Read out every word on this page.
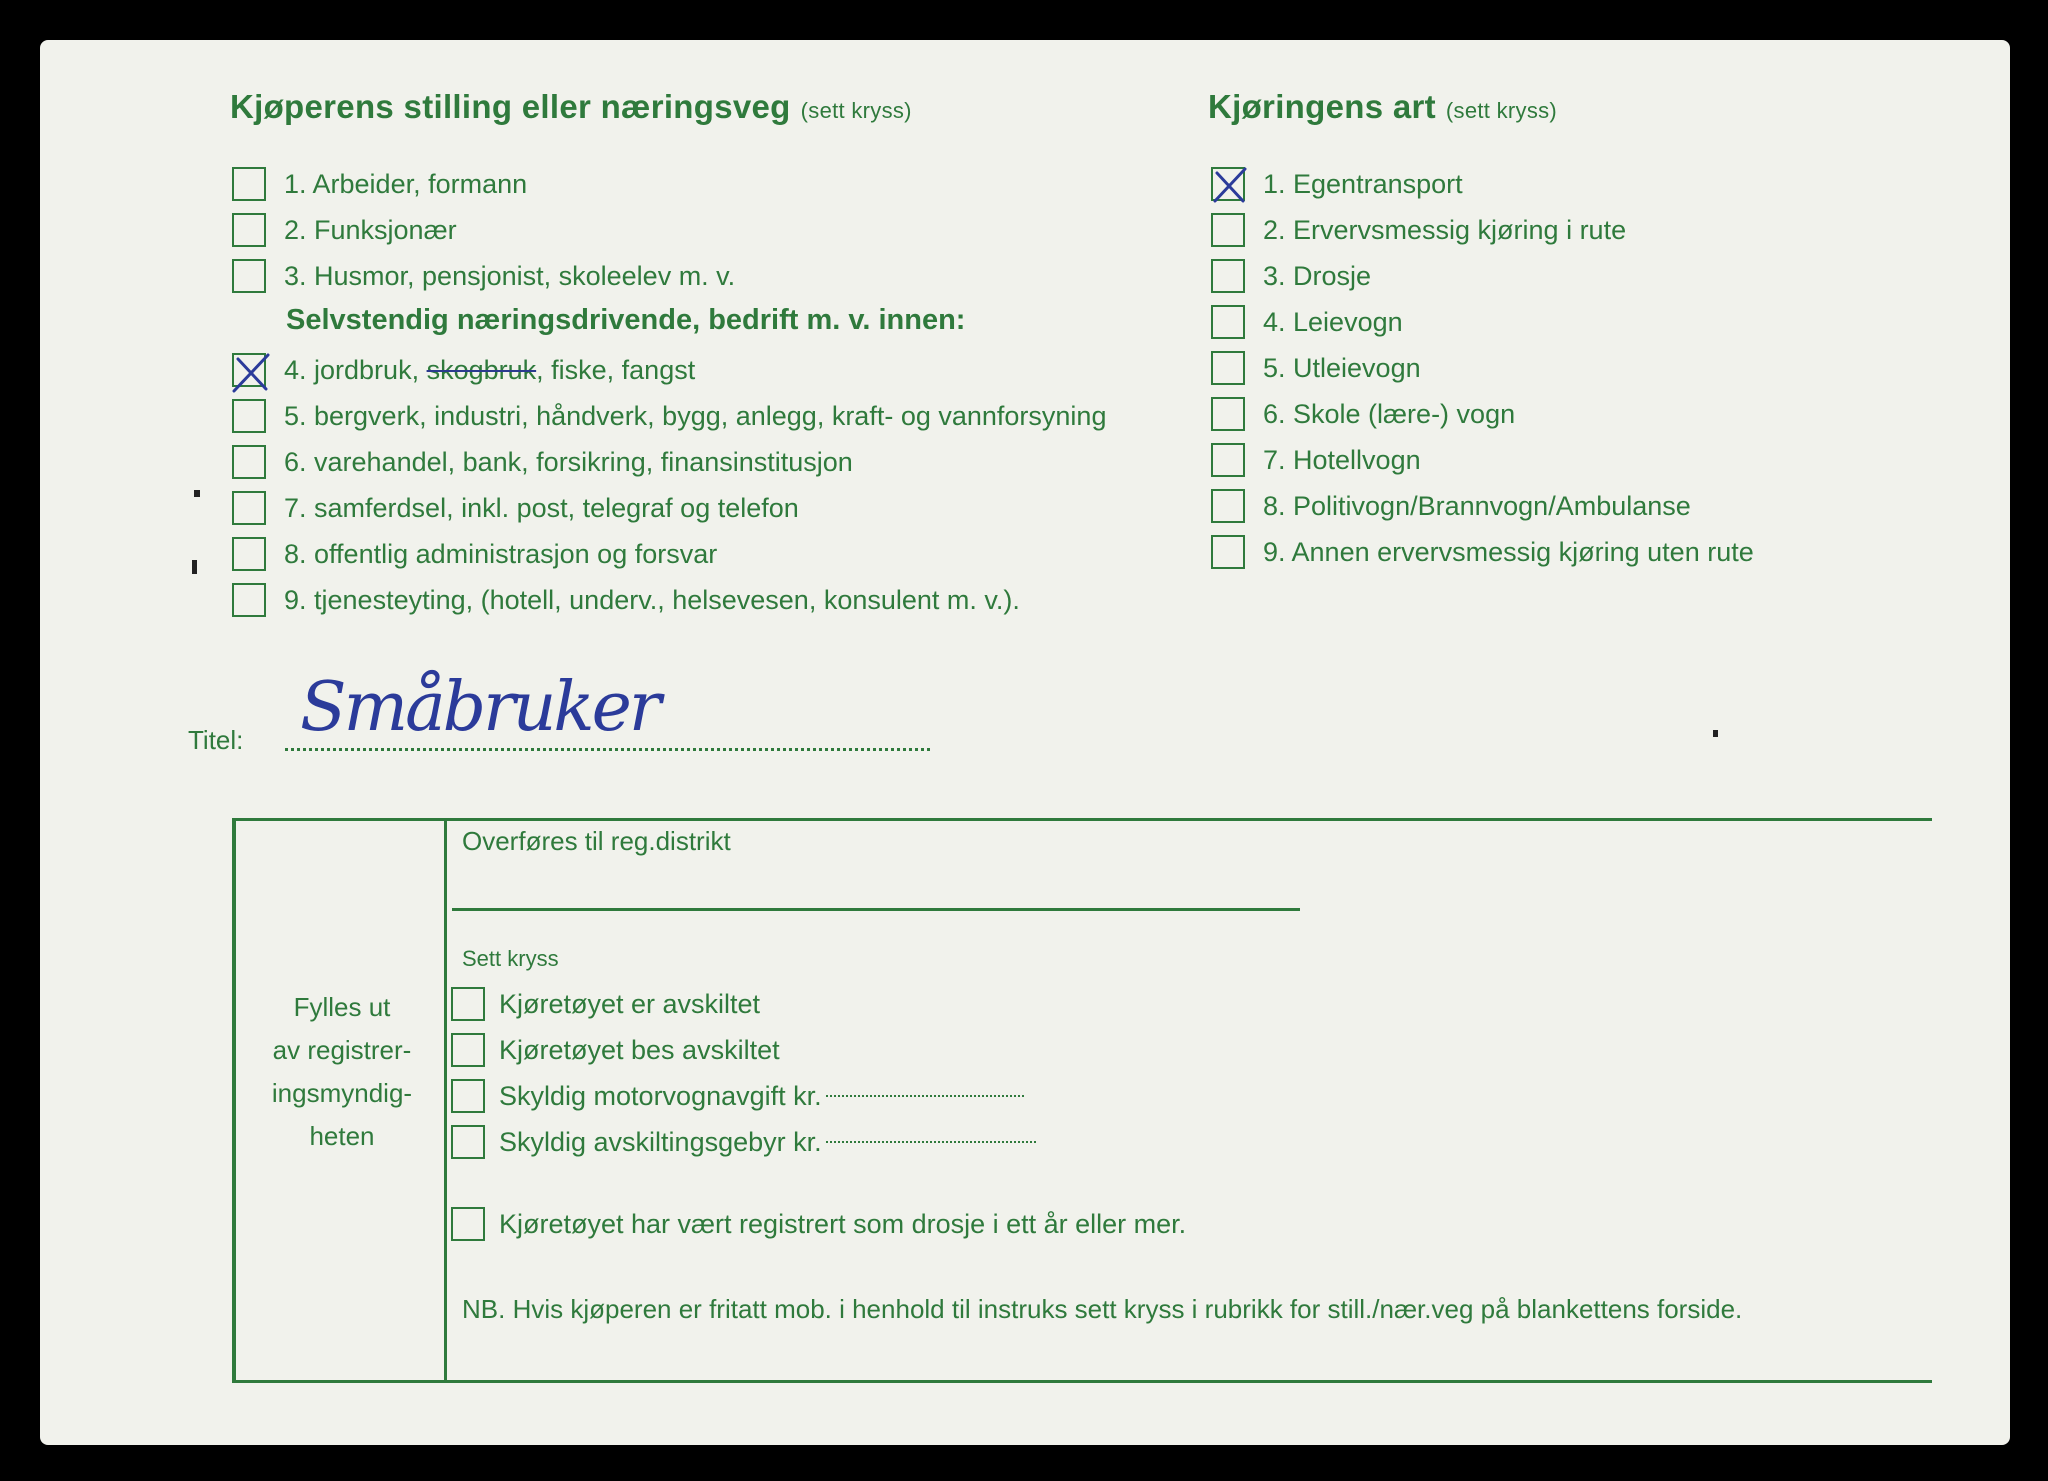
Kjøperens stilling eller næringsveg (sett kryss)
1. Arbeider, formann
2. Funksjonær
3. Husmor, pensjonist, skoleelev m. v.
Selvstendig næringsdrivende, bedrift m. v. innen:
4. jordbruk, skogbruk, fiske, fangst
5. bergverk, industri, håndverk, bygg, anlegg, kraft- og vannforsyning
6. varehandel, bank, forsikring, finansinstitusjon
7. samferdsel, inkl. post, telegraf og telefon
8. offentlig administrasjon og forsvar
9. tjenesteyting, (hotell, underv., helsevesen, konsulent m. v.).
Titel: Småbruker
Kjøringens art (sett kryss)
1. Egentransport
2. Ervervsmessig kjøring i rute
3. Drosje
4. Leievogn
5. Utleievogn
6. Skole (lære-) vogn
7. Hotellvogn
8. Politivogn/Brannvogn/Ambulanse
9. Annen ervervsmessig kjøring uten rute
Fylles ut
av registrer-
ingsmyndig-
heten
Overføres til reg.distrikt
Sett kryss
Kjøretøyet er avskiltet
Kjøretøyet bes avskiltet
Skyldig motorvognavgift kr.
Skyldig avskiltingsgebyr kr.
Kjøretøyet har vært registrert som drosje i ett år eller mer.
NB. Hvis kjøperen er fritatt mob. i henhold til instruks sett kryss i rubrikk for still./nær.veg på blankettens forside.
